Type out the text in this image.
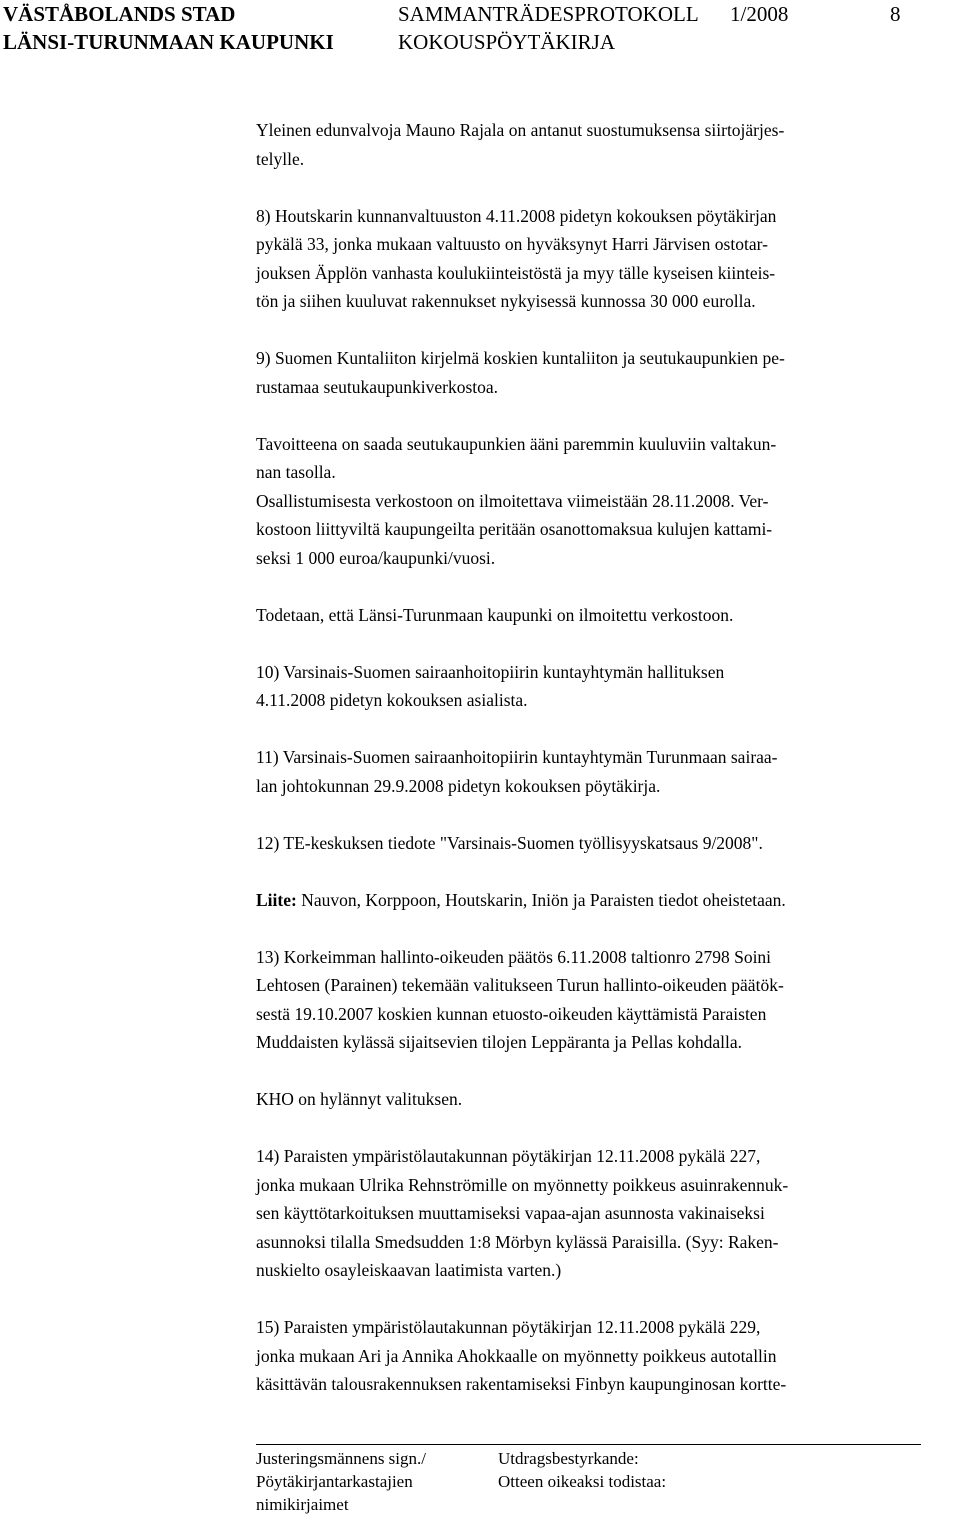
VÄSTÅBOLANDS STAD
LÄNSI-TURUNMAAN KAUPUNKI
SAMMANTRÄDESPROTOKOLL
KOKOUSPÖYTÄKIRJA
1/2008	8

Yleinen edunvalvoja Mauno Rajala on antanut suostumuksensa siirtojärjes-
telylle.

8) Houtskarin kunnanvaltuuston 4.11.2008 pidetyn kokouksen pöytäkirjan
pykälä 33, jonka mukaan valtuusto on hyväksynyt Harri Järvisen ostotar-
jouksen Äpplön vanhasta koulukiinteistöstä ja myy tälle kyseisen kiinteis-
tön ja siihen kuuluvat rakennukset nykyisessä kunnossa 30 000 eurolla.

9) Suomen Kuntaliiton kirjelmä koskien kuntaliiton ja seutukaupunkien pe-
rustamaa seutukaupunkiverkostoa.

Tavoitteena on saada seutukaupunkien ääni paremmin kuuluviin valtakun-
nan tasolla.

Osallistumisesta verkostoon on ilmoitettava viimeistään 28.11.2008. Ver-
kostoon liittyviltä kaupungeilta peritään osanottomaksua kulujen kattami-
seksi 1 000 euroa/kaupunki/vuosi.

Todetaan, että Länsi-Turunmaan kaupunki on ilmoitettu verkostoon.

10) Varsinais-Suomen sairaanhoitopiirin kuntayhtymän hallituksen
4.11.2008 pidetyn kokouksen asialista.

11) Varsinais-Suomen sairaanhoitopiirin kuntayhtymän Turunmaan sairaa-
lan johtokunnan 29.9.2008 pidetyn kokouksen pöytäkirja.

12) TE-keskuksen tiedote "Varsinais-Suomen työllisyyskatsaus 9/2008".

Liite: Nauvon, Korppoon, Houtskarin, Iniön ja Paraisten tiedot oheistetaan.

13) Korkeimman hallinto-oikeuden päätös 6.11.2008 taltionro 2798 Soini
Lehtosen (Parainen) tekemään valitukseen Turun hallinto-oikeuden päätök-
sestä 19.10.2007 koskien kunnan etuosto-oikeuden käyttämistä Paraisten
Muddaisten kylässä sijaitsevien tilojen Leppäranta ja Pellas kohdalla.

KHO on hylännyt valituksen.

14) Paraisten ympäristölautakunnan pöytäkirjan 12.11.2008 pykälä 227,
jonka mukaan Ulrika Rehnströmille on myönnetty poikkeus asuinrakennuk-
sen käyttötarkoituksen muuttamiseksi vapaa-ajan asunnosta vakinaiseksi
asunnoksi tilalla Smedsudden 1:8 Mörbyn kylässä Paraisilla. (Syy: Raken-
nuskielto osayleiskaavan laatimista varten.)

15) Paraisten ympäristölautakunnan pöytäkirjan 12.11.2008 pykälä 229,
jonka mukaan Ari ja Annika Ahokkaalle on myönnetty poikkeus autotallin
käsittävän talousrakennuksen rakentamiseksi Finbyn kaupunginosan kortte-

Justeringsmännens sign./
Pöytäkirjantarkastajien
nimikirjaimet
Utdragsbestyrkande:
Otteen oikeaksi todistaa:
